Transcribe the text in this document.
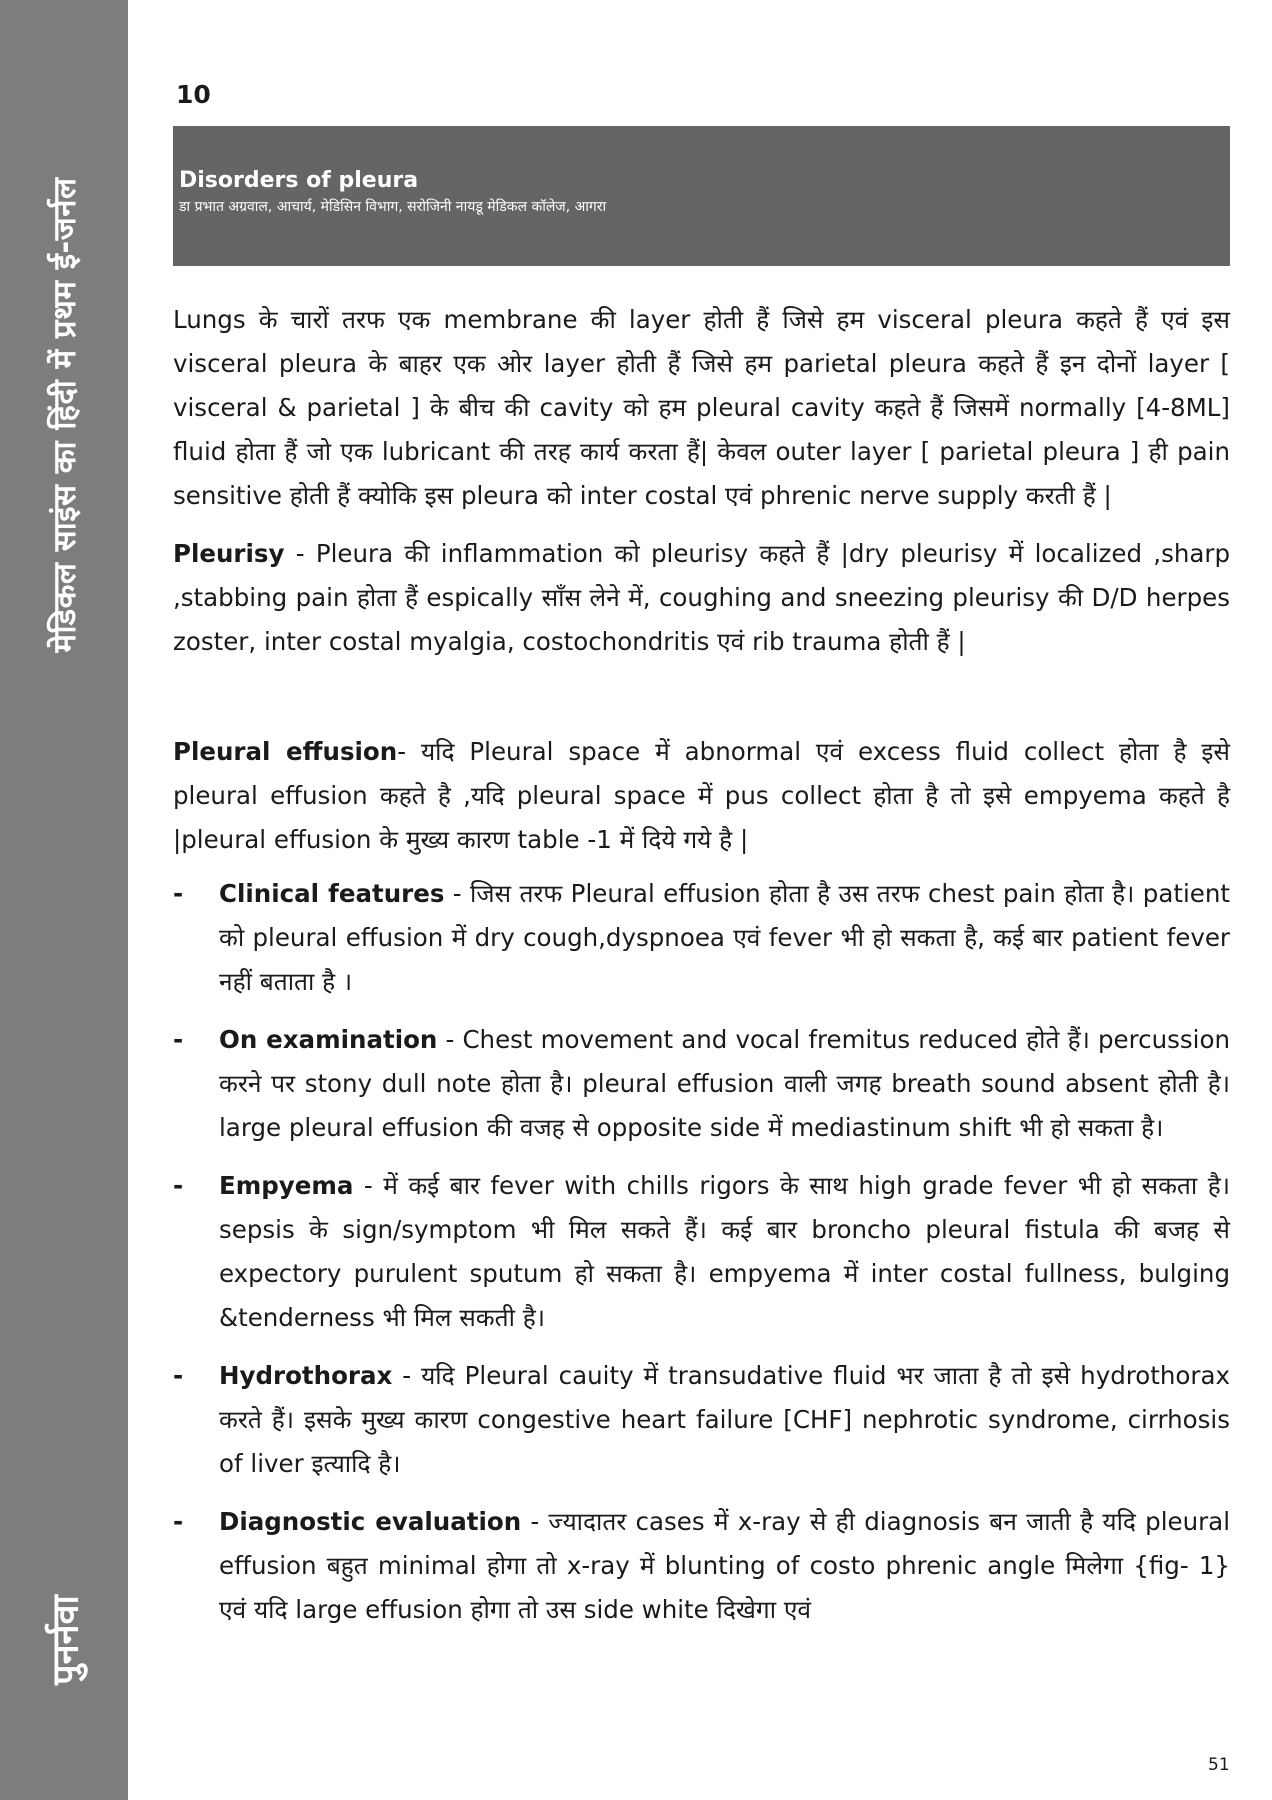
मेडिकल साइंस का हिंदी में प्रथम ई-जर्नल
पुनर्नवा
10
Disorders of pleura
डा प्रभात अग्रवाल, आचार्य, मेडिसिन विभाग, सरोजिनी नायडू मेडिकल कॉलेज, आगरा

Lungs के चारों तरफ एक membrane की layer होती हैं जिसे हम visceral pleura कहते हैं एवं इस visceral pleura के बाहर एक ओर layer होती हैं जिसे हम parietal pleura कहते हैं इन दोनों layer [ visceral & parietal ] के बीच की cavity को हम pleural cavity कहते हैं जिसमें normally [4-8ML] fluid होता हैं जो एक lubricant की तरह कार्य करता हैं| केवल outer layer [ parietal pleura ] ही pain sensitive होती हैं क्योकि इस pleura को inter costal एवं phrenic nerve supply करती हैं |

Pleurisy - Pleura की inflammation को pleurisy कहते हैं |dry pleurisy में localized ,sharp ,stabbing pain होता हैं espically साँस लेने में, coughing and sneezing pleurisy की D/D herpes zoster, inter costal myalgia, costochondritis एवं rib trauma होती हैं |

Pleural effusion- यदि Pleural space में abnormal एवं excess fluid collect होता है इसे pleural effusion कहते है ,यदि pleural space में pus collect होता है तो इसे empyema कहते है |pleural effusion के मुख्य कारण table -1 में दिये गये है |

- Clinical features - जिस तरफ Pleural effusion होता है उस तरफ chest pain होता है। patient को pleural effusion में dry cough,dyspnoea एवं fever भी हो सकता है, कई बार patient fever नहीं बताता है ।
- On examination - Chest movement and vocal fremitus reduced होते हैं। percussion करने पर stony dull note होता है। pleural effusion वाली जगह breath sound absent होती है। large pleural effusion की वजह से opposite side में mediastinum shift भी हो सकता है।
- Empyema - में कई बार fever with chills rigors के साथ high grade fever भी हो सकता है। sepsis के sign/symptom भी मिल सकते हैं। कई बार broncho pleural fistula की बजह से expectory purulent sputum हो सकता है। empyema में inter costal fullness, bulging &tenderness भी मिल सकती है।
- Hydrothorax - यदि Pleural cauity में transudative fluid भर जाता है तो इसे hydrothorax करते हैं। इसके मुख्य कारण congestive heart failure [CHF] nephrotic syndrome, cirrhosis of liver इत्यादि है।
- Diagnostic evaluation - ज्यादातर cases में x-ray से ही diagnosis बन जाती है यदि pleural effusion बहुत minimal होगा तो x-ray में blunting of costo phrenic angle मिलेगा {fig- 1} एवं यदि large effusion होगा तो उस side white दिखेगा एवं
51
